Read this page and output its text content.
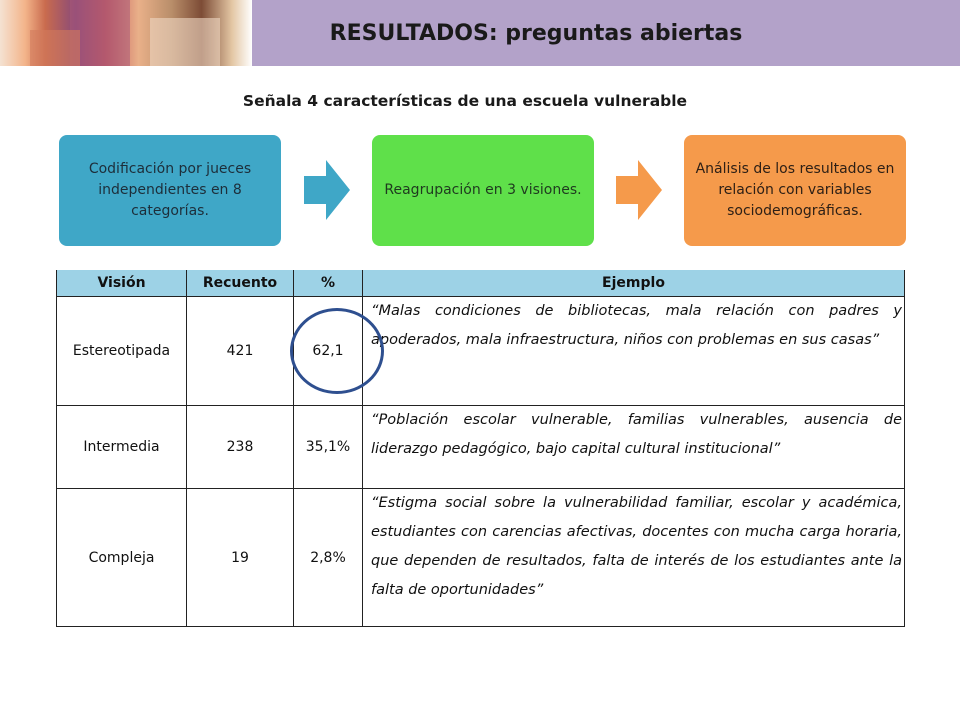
RESULTADOS: preguntas abiertas
Señala 4 características de una escuela vulnerable
Codificación por jueces independientes en 8 categorías.
Reagrupación en 3 visiones.
Análisis de los resultados en relación con variables sociodemográficas.
Visión	Recuento	%	Ejemplo
Estereotipada	421	62,1	“Malas condiciones de bibliotecas, mala relación con padres y apoderados, mala infraestructura, niños con problemas en sus casas”
Intermedia	238	35,1%	“Población escolar vulnerable, familias vulnerables, ausencia de liderazgo pedagógico, bajo capital cultural institucional”
Compleja	19	2,8%	“Estigma social sobre la vulnerabilidad familiar, escolar y académica, estudiantes con carencias afectivas, docentes con mucha carga horaria, que dependen de resultados, falta de interés de los estudiantes ante la falta de oportunidades”
